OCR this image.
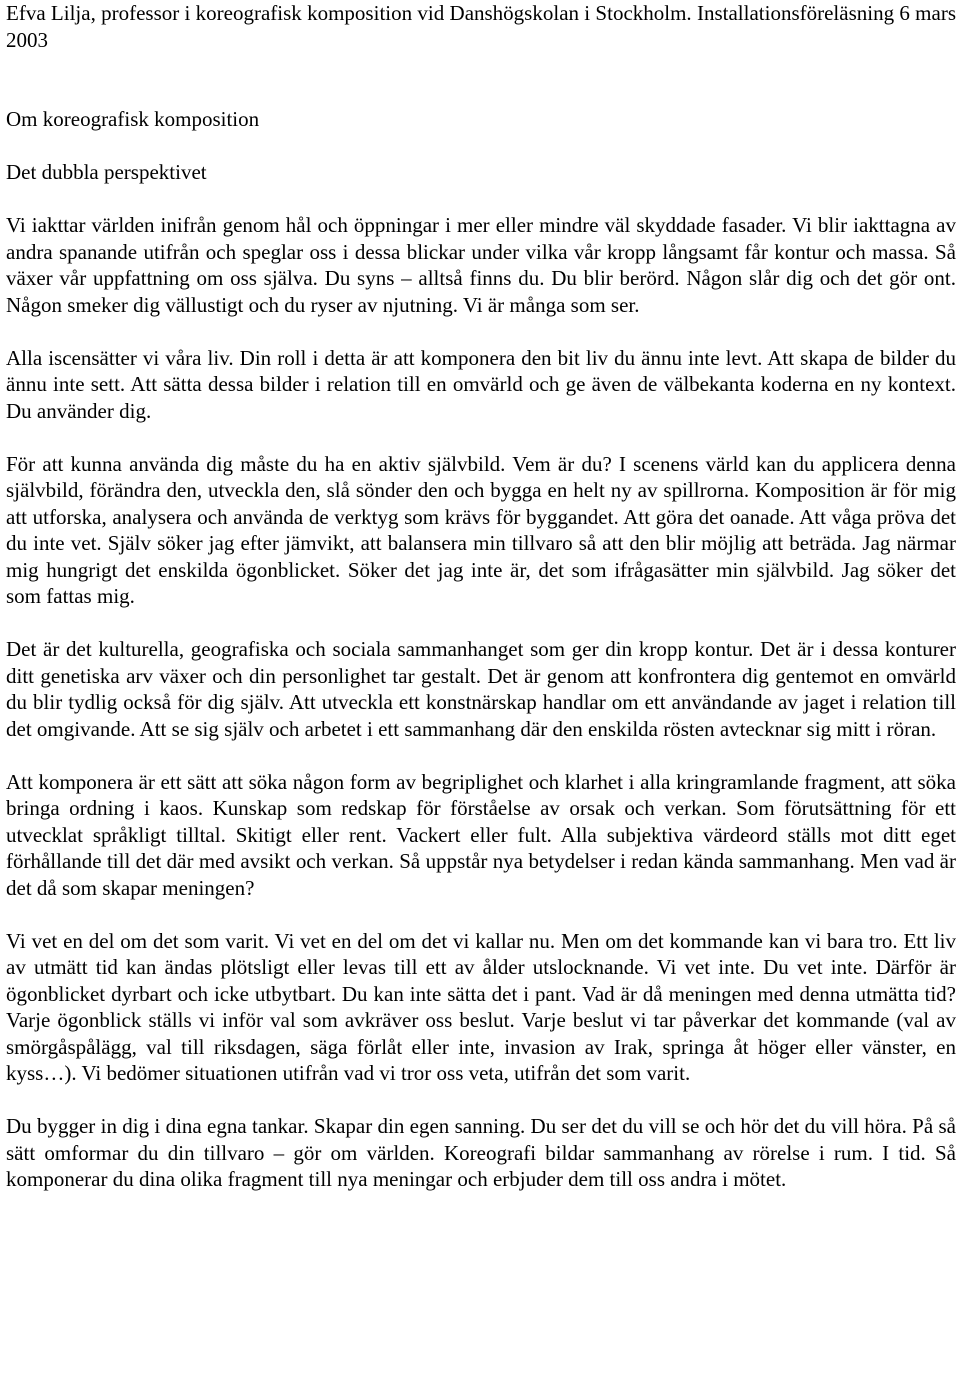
Efva Lilja, professor i koreografisk komposition vid Danshögskolan i Stockholm. Installationsföreläsning 6 mars 2003

Om koreografisk komposition

Det dubbla perspektivet

Vi iakttar världen inifrån genom hål och öppningar i mer eller mindre väl skyddade fasader. Vi blir iakttagna av andra spanande utifrån och speglar oss i dessa blickar under vilka vår kropp långsamt får kontur och massa. Så växer vår uppfattning om oss själva. Du syns – alltså finns du. Du blir berörd. Någon slår dig och det gör ont. Någon smeker dig vällustigt och du ryser av njutning. Vi är många som ser.

Alla iscensätter vi våra liv. Din roll i detta är att komponera den bit liv du ännu inte levt. Att skapa de bilder du ännu inte sett. Att sätta dessa bilder i relation till en omvärld och ge även de välbekanta koderna en ny kontext. Du använder dig.

För att kunna använda dig måste du ha en aktiv självbild. Vem är du? I scenens värld kan du applicera denna självbild, förändra den, utveckla den, slå sönder den och bygga en helt ny av spillrorna. Komposition är för mig att utforska, analysera och använda de verktyg som krävs för byggandet. Att göra det oanade. Att våga pröva det du inte vet. Själv söker jag efter jämvikt, att balansera min tillvaro så att den blir möjlig att beträda. Jag närmar mig hungrigt det enskilda ögonblicket. Söker det jag inte är, det som ifrågasätter min självbild. Jag söker det som fattas mig.

Det är det kulturella, geografiska och sociala sammanhanget som ger din kropp kontur. Det är i dessa konturer ditt genetiska arv växer och din personlighet tar gestalt. Det är genom att konfrontera dig gentemot en omvärld du blir tydlig också för dig själv. Att utveckla ett konstnärskap handlar om ett användande av jaget i relation till det omgivande. Att se sig själv och arbetet i ett sammanhang där den enskilda rösten avtecknar sig mitt i röran.

Att komponera är ett sätt att söka någon form av begriplighet och klarhet i alla kringramlande fragment, att söka bringa ordning i kaos. Kunskap som redskap för förståelse av orsak och verkan. Som förutsättning för ett utvecklat språkligt tilltal. Skitigt eller rent. Vackert eller fult. Alla subjektiva värdeord ställs mot ditt eget förhållande till det där med avsikt och verkan. Så uppstår nya betydelser i redan kända sammanhang. Men vad är det då som skapar meningen?

Vi vet en del om det som varit. Vi vet en del om det vi kallar nu. Men om det kommande kan vi bara tro. Ett liv av utmätt tid kan ändas plötsligt eller levas till ett av ålder utslocknande. Vi vet inte. Du vet inte. Därför är ögonblicket dyrbart och icke utbytbart. Du kan inte sätta det i pant. Vad är då meningen med denna utmätta tid? Varje ögonblick ställs vi inför val som avkräver oss beslut. Varje beslut vi tar påverkar det kommande (val av smörgåspålägg, val till riksdagen, säga förlåt eller inte, invasion av Irak, springa åt höger eller vänster, en kyss…). Vi bedömer situationen utifrån vad vi tror oss veta, utifrån det som varit.

Du bygger in dig i dina egna tankar. Skapar din egen sanning. Du ser det du vill se och hör det du vill höra. På så sätt omformar du din tillvaro – gör om världen. Koreografi bildar sammanhang av rörelse i rum. I tid. Så komponerar du dina olika fragment till nya meningar och erbjuder dem till oss andra i mötet.
